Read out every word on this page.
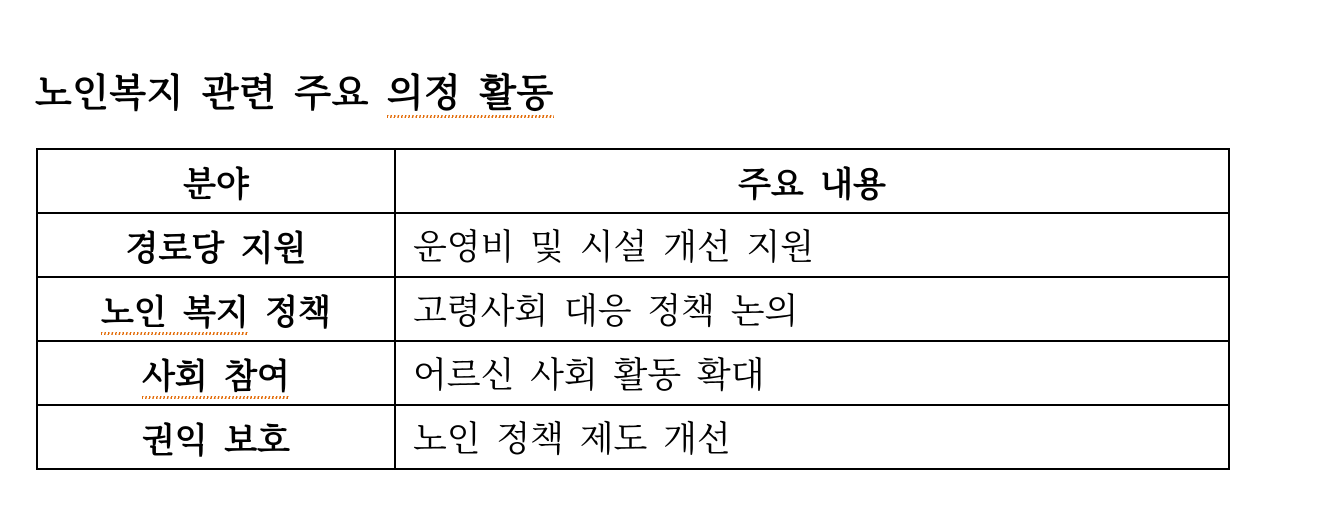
노인복지 관련 주요 의정 활동
분야	주요 내용
경로당 지원	운영비 및 시설 개선 지원
노인 복지 정책	고령사회 대응 정책 논의
사회 참여	어르신 사회 활동 확대
권익 보호	노인 정책 제도 개선
